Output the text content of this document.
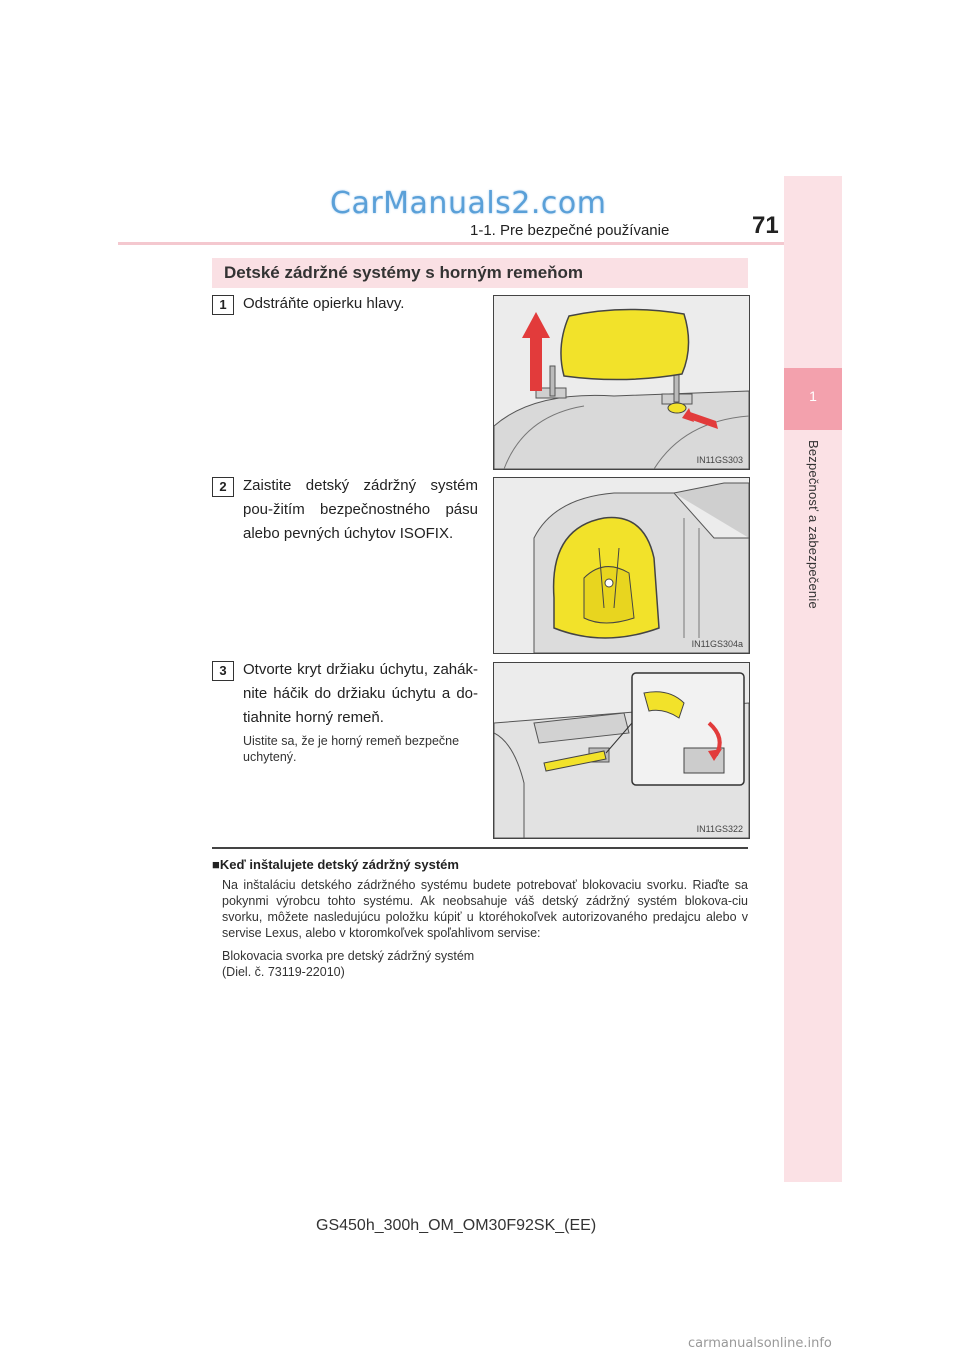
CarManuals2.com
1-1. Pre bezpečné používanie	71
1
Bezpečnosť a zabezpečenie
Detské zádržné systémy s horným remeňom
1	Odstráňte opierku hlavy.
IN11GS303
2	Zaistite detský zádržný systém pou-žitím bezpečnostného pásu alebo pevných úchytov ISOFIX.
IN11GS304a
3	Otvorte kryt držiaku úchytu, zahák-nite háčik do držiaku úchytu a do-tiahnite horný remeň.
Uistite sa, že je horný remeň bezpečne uchytený.
IN11GS322
■Keď inštalujete detský zádržný systém
Na inštaláciu detského zádržného systému budete potrebovať blokovaciu svorku. Riaďte sa pokynmi výrobcu tohto systému. Ak neobsahuje váš detský zádržný systém blokova-ciu svorku, môžete nasledujúcu položku kúpiť u ktoréhokoľvek autorizovaného predajcu alebo v servise Lexus, alebo v ktoromkoľvek spoľahlivom servise:
Blokovacia svorka pre detský zádržný systém
(Diel. č. 73119-22010)
GS450h_300h_OM_OM30F92SK_(EE)
carmanualsonline.info
